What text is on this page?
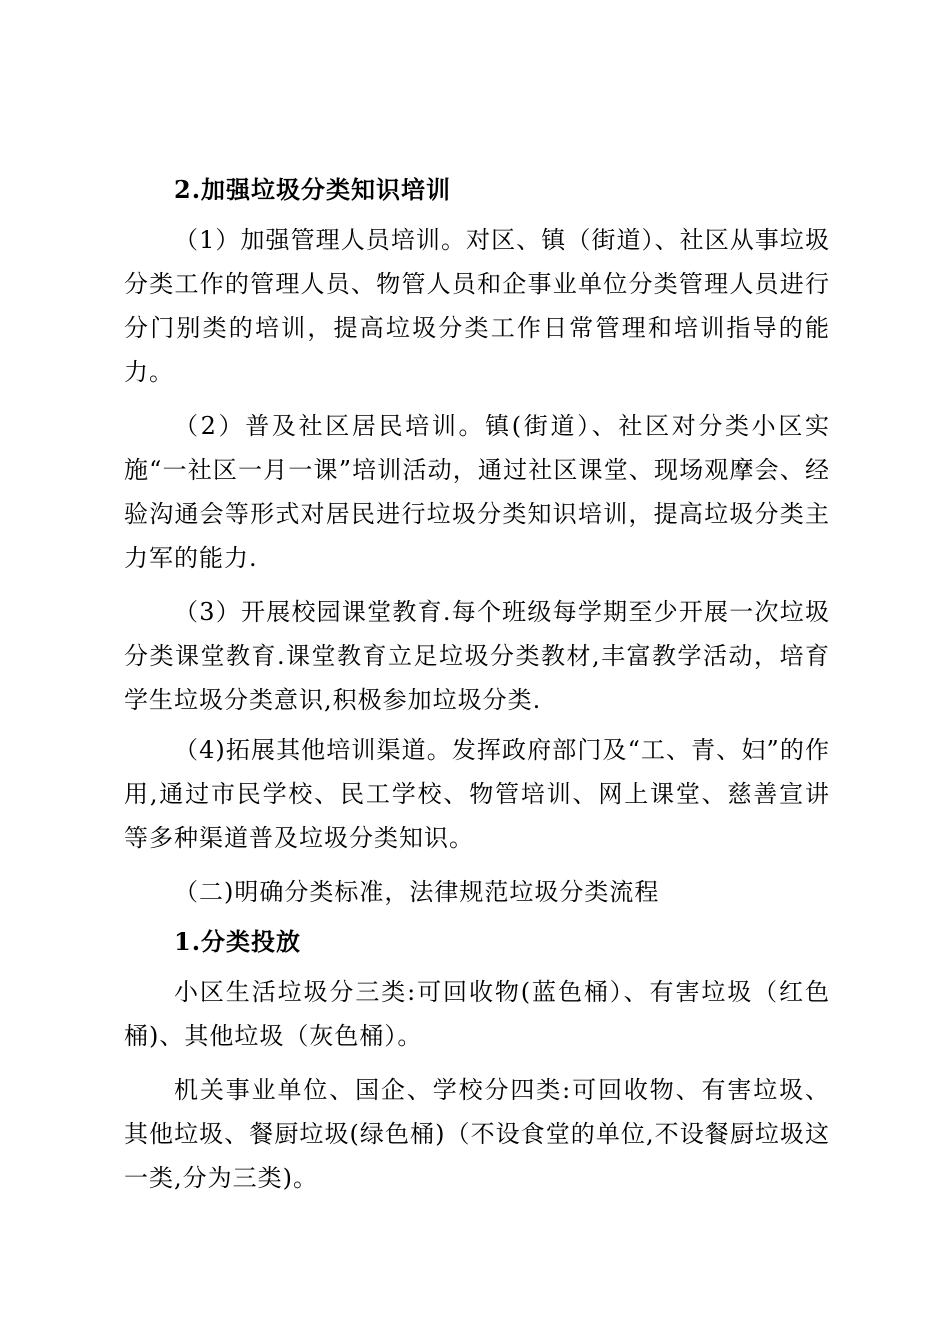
2.加强垃圾分类知识培训

（1）加强管理人员培训。对区、镇（街道）、社区从事垃圾分类工作的管理人员、物管人员和企事业单位分类管理人员进行分门别类的培训，提高垃圾分类工作日常管理和培训指导的能力。

（2）普及社区居民培训。镇(街道）、社区对分类小区实施“一社区一月一课”培训活动，通过社区课堂、现场观摩会、经验沟通会等形式对居民进行垃圾分类知识培训，提高垃圾分类主力军的能力.

（3）开展校园课堂教育.每个班级每学期至少开展一次垃圾分类课堂教育.课堂教育立足垃圾分类教材,丰富教学活动，培育学生垃圾分类意识,积极参加垃圾分类.

（4)拓展其他培训渠道。发挥政府部门及“工、青、妇”的作用,通过市民学校、民工学校、物管培训、网上课堂、慈善宣讲等多种渠道普及垃圾分类知识。

（二)明确分类标准，法律规范垃圾分类流程

1.分类投放

小区生活垃圾分三类:可回收物(蓝色桶）、有害垃圾（红色桶)、其他垃圾（灰色桶）。

机关事业单位、国企、学校分四类:可回收物、有害垃圾、其他垃圾、餐厨垃圾(绿色桶)（不设食堂的单位,不设餐厨垃圾这一类,分为三类)。
